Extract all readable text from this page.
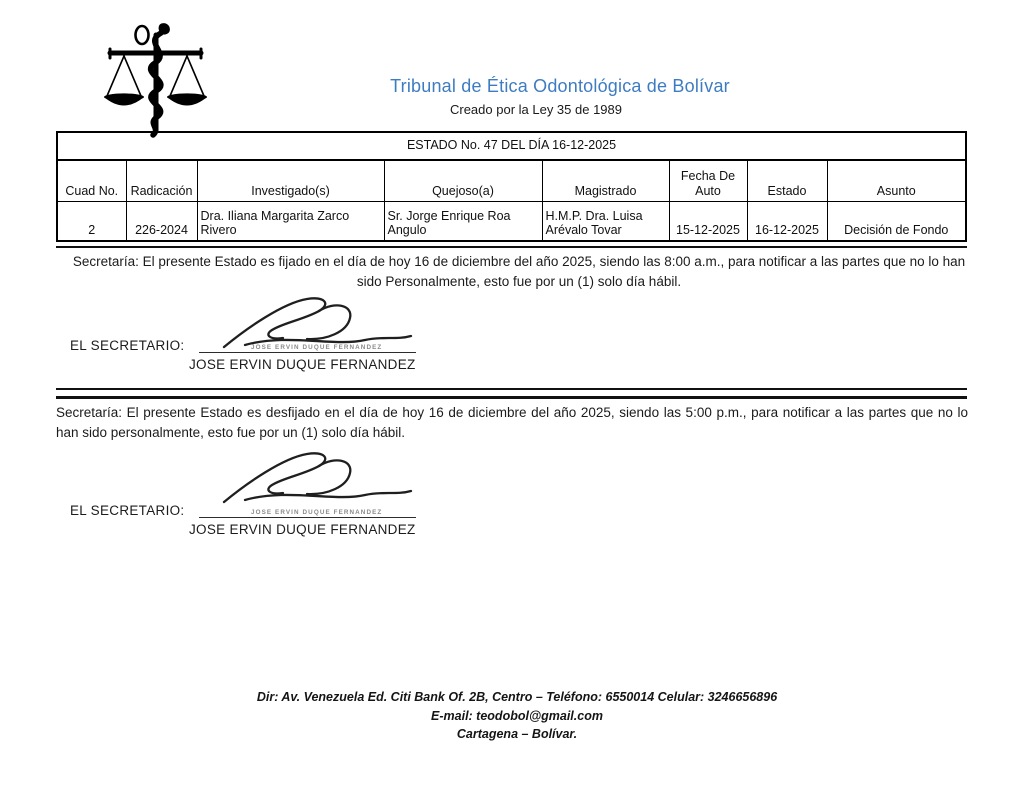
Tribunal de Ética Odontológica de Bolívar
Creado por la Ley 35 de 1989
ESTADO No. 47 DEL DÍA 16-12-2025							
Cuad No.	Radicación	Investigado(s)	Quejoso(a)	Magistrado	Fecha De Auto	Estado	Asunto
2	226-2024	Dra. Iliana Margarita Zarco Rivero	Sr. Jorge Enrique Roa Angulo	H.M.P. Dra. Luisa Arévalo Tovar	15-12-2025	16-12-2025	Decisión de Fondo
Secretaría: El presente Estado es fijado en el día de hoy 16 de diciembre del año 2025, siendo las 8:00 a.m., para notificar a las partes que no lo han sido Personalmente, esto fue por un (1) solo día hábil.
EL SECRETARIO:	JOSE ERVIN DUQUE FERNANDEZ
JOSE ERVIN DUQUE FERNANDEZ
Secretaría: El presente Estado es desfijado en el día de hoy 16 de diciembre del año 2025, siendo las 5:00 p.m., para notificar a las partes que no lo han sido personalmente, esto fue por un (1) solo día hábil.
EL SECRETARIO:	JOSE ERVIN DUQUE FERNANDEZ
JOSE ERVIN DUQUE FERNANDEZ
Dir: Av. Venezuela Ed. Citi Bank Of. 2B, Centro – Teléfono: 6550014 Celular: 3246656896
E-mail: teodobol@gmail.com
Cartagena – Bolívar.
